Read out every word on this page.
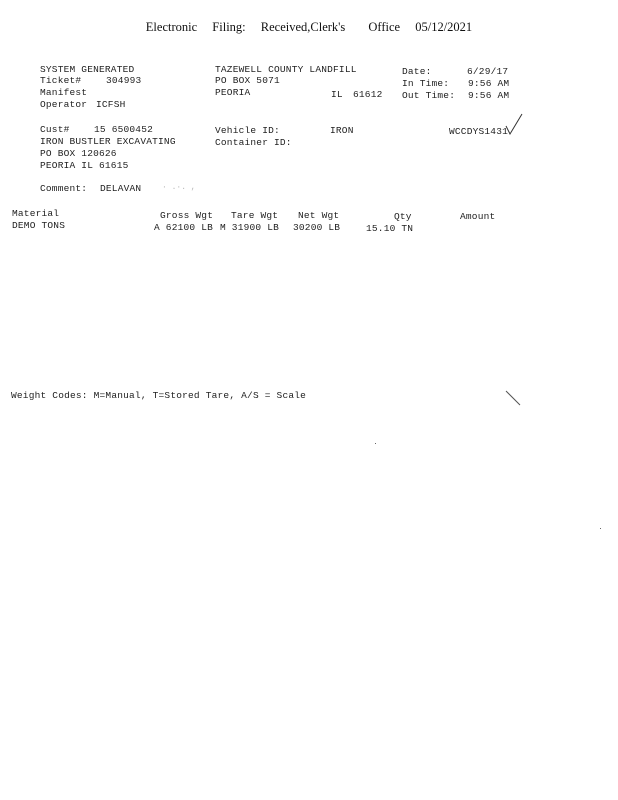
Electronic Filing: Received,Clerk's Office 05/12/2021
SYSTEM GENERATED
Ticket#	304993
Manifest
Operator ICFSH
TAZEWELL COUNTY LANDFILL
PO BOX 5071
PEORIA	IL 61612
Date:	6/29/17
In Time: 9:56 AM
Out Time: 9:56 AM
Cust#	15 6500452
IRON BUSTLER EXCAVATING
PO BOX 120626
PEORIA IL 61615
Vehicle ID:	IRON
Container ID:
WCCDYS1431
Comment: DELAVAN	· .·. ,
Material	Gross Wgt Tare Wgt Net Wgt	Qty	Amount
DEMO TONS	A 62100 LB M 31900 LB 30200 LB	15.10 TN
Weight Codes: M=Manual, T=Stored Tare, A/S = Scale
